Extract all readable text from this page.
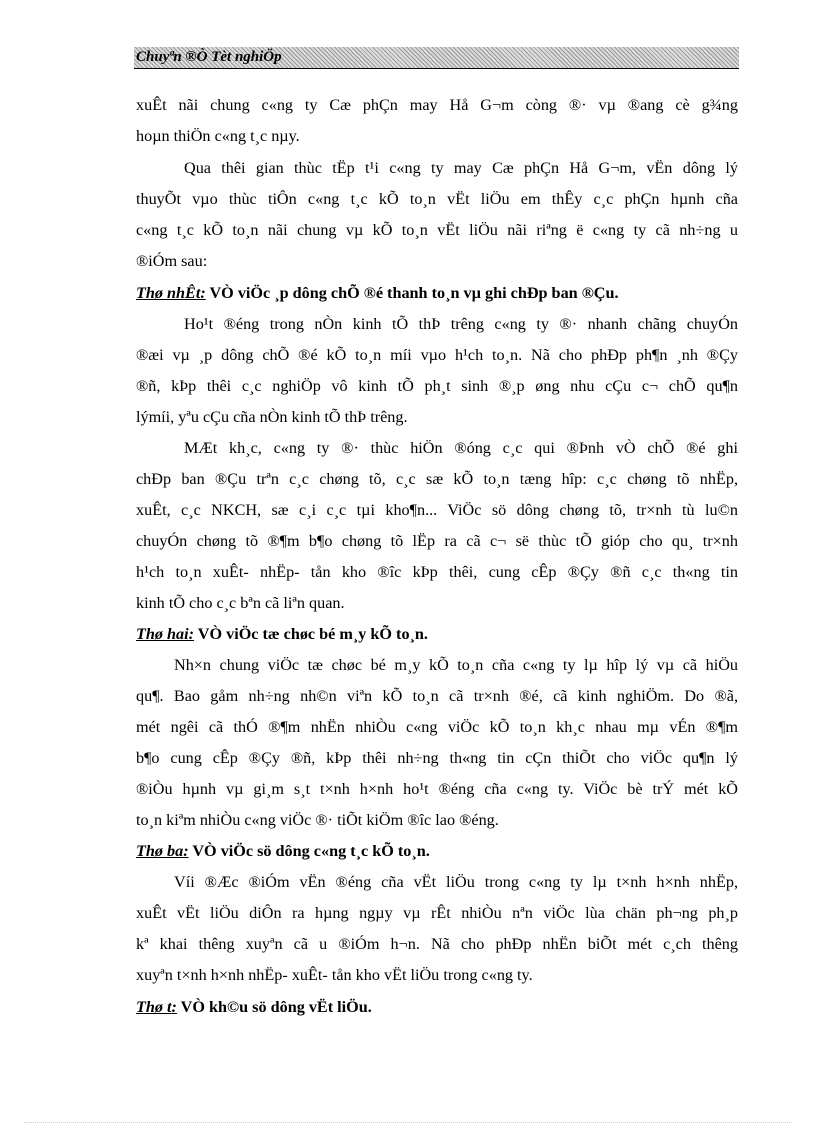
Chuyªn ®Ò Tèt nghiÖp
xuÊt nãi chung c«ng ty Cæ phÇn may Hå G¬m còng ®· vµ ®ang cè g¾ng
hoµn thiÖn c«ng t¸c nµy.
Qua thêi gian thùc tËp t¹i c«ng ty may Cæ phÇn Hå G¬m, vËn dông lý
thuyÕt vµo thùc tiÔn c«ng t¸c kÕ to¸n vËt liÖu em thÊy c¸c phÇn hµnh cña
c«ng t¸c kÕ to¸n nãi chung vµ kÕ to¸n vËt liÖu nãi riªng ë c«ng ty cã nh÷ng u
®iÓm sau:
Thø nhÊt: VÒ viÖc ¸p dông chÕ ®é thanh to¸n vµ ghi chÐp ban ®Çu.
Ho¹t ®éng trong nÒn kinh tÕ thÞ trêng c«ng ty ®· nhanh chãng chuyÓn
®æi vµ ¸p dông chÕ ®é kÕ to¸n míi vµo h¹ch to¸n. Nã cho phÐp ph¶n ¸nh ®Çy
®ñ, kÞp thêi c¸c nghiÖp vô kinh tÕ ph¸t sinh ®¸p øng nhu cÇu c¬ chÕ qu¶n
lýmíi, yªu cÇu cña nÒn kinh tÕ thÞ trêng.
MÆt kh¸c, c«ng ty ®· thùc hiÖn ®óng c¸c qui ®Þnh vÒ chÕ ®é ghi
chÐp ban ®Çu trªn c¸c chøng tõ, c¸c sæ kÕ to¸n tæng hîp: c¸c chøng tõ nhËp,
xuÊt, c¸c NKCH, sæ c¸i c¸c tµi kho¶n... ViÖc sö dông chøng tõ, tr×nh tù lu©n
chuyÓn chøng tõ ®¶m b¶o chøng tõ lËp ra cã c¬ së thùc tÕ gióp cho qu¸ tr×nh
h¹ch to¸n xuÊt- nhËp- tån kho ®îc kÞp thêi, cung cÊp ®Çy ®ñ c¸c th«ng tin
kinh tÕ cho c¸c bªn cã liªn quan.
Thø hai: VÒ viÖc tæ chøc bé m¸y kÕ to¸n.
Nh×n chung viÖc tæ chøc bé m¸y kÕ to¸n cña c«ng ty lµ hîp lý vµ cã hiÖu
qu¶. Bao gåm nh÷ng nh©n viªn kÕ to¸n cã tr×nh ®é, cã kinh nghiÖm. Do ®ã,
mét ngêi cã thÓ ®¶m nhËn nhiÒu c«ng viÖc kÕ to¸n kh¸c nhau mµ vÉn ®¶m
b¶o cung cÊp ®Çy ®ñ, kÞp thêi nh÷ng th«ng tin cÇn thiÕt cho viÖc qu¶n lý
®iÒu hµnh vµ gi¸m s¸t t×nh h×nh ho¹t ®éng cña c«ng ty. ViÖc bè trÝ mét kÕ
to¸n kiªm nhiÒu c«ng viÖc ®· tiÕt kiÖm ®îc lao ®éng.
Thø ba: VÒ viÖc sö dông c«ng t¸c kÕ to¸n.
Víi ®Æc ®iÓm vËn ®éng cña vËt liÖu trong c«ng ty lµ t×nh h×nh nhËp,
xuÊt vËt liÖu diÔn ra hµng ngµy vµ rÊt nhiÒu nªn viÖc lùa chän ph¬ng ph¸p
kª khai thêng xuyªn cã u ®iÓm h¬n. Nã cho phÐp nhËn biÕt mét c¸ch thêng
xuyªn t×nh h×nh nhËp- xuÊt- tån kho vËt liÖu trong c«ng ty.
Thø t: VÒ kh©u sö dông vËt liÖu.
